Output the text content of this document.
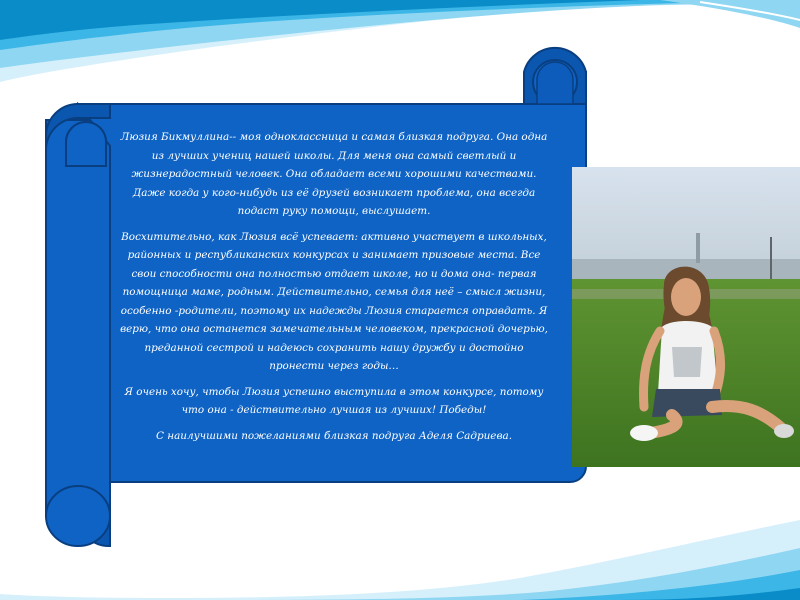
Люзия Бикмуллина-- моя одноклассница и самая близкая подруга. Она одна из лучших учениц нашей школы. Для меня она самый светлый и жизнерадостный человек. Она обладает всеми хорошими качествами. Даже когда у кого-нибудь из её друзей возникает проблема, она всегда подаст руку помощи, выслушает.

Восхитительно, как Люзия всё успевает: активно участвует в школьных, районных и республиканских конкурсах и занимает призовые места. Все свои способности она полностью отдает школе, но и дома она- первая помощница маме, родным. Действительно, семья для неё – смысл жизни, особенно -родители, поэтому их надежды Люзия старается оправдать. Я верю, что она останется замечательным человеком, прекрасной дочерью, преданной сестрой и надеюсь сохранить нашу дружбу и достойно пронести через годы…

Я очень хочу, чтобы Люзия успешно выступила в этом конкурсе, потому что она - действительно лучшая из лучших! Победы!

С наилучшими пожеланиями близкая подруга Аделя Садриева.
